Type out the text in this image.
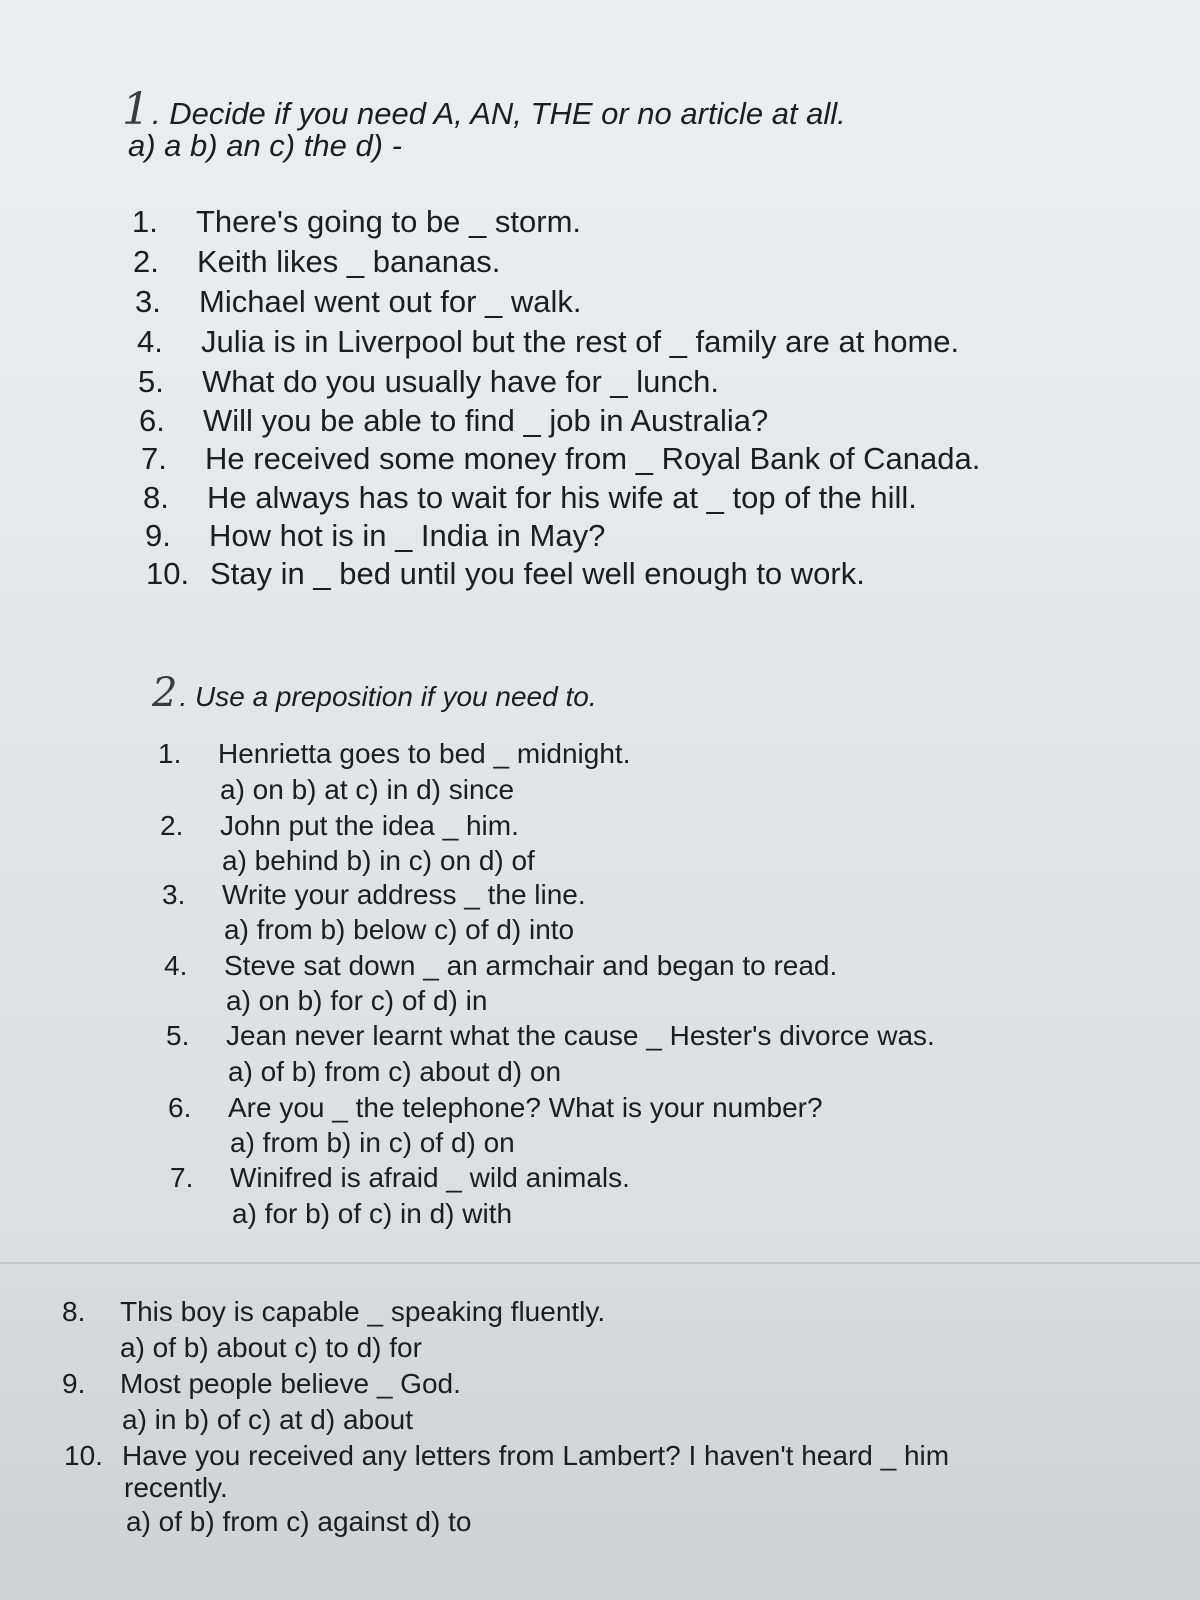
1. Decide if you need A, AN, THE or no article at all.
a) a b) an c) the d) -
1. There's going to be _ storm.
2. Keith likes _ bananas.
3. Michael went out for _ walk.
4. Julia is in Liverpool but the rest of _ family are at home.
5. What do you usually have for _ lunch.
6. Will you be able to find _ job in Australia?
7. He received some money from _ Royal Bank of Canada.
8. He always has to wait for his wife at _ top of the hill.
9. How hot is in _ India in May?
10. Stay in _ bed until you feel well enough to work.
2. Use a preposition if you need to.
1. Henrietta goes to bed _ midnight.
a) on b) at c) in d) since
2. John put the idea _ him.
a) behind b) in c) on d) of
3. Write your address _ the line.
a) from b) below c) of d) into
4. Steve sat down _ an armchair and began to read.
a) on b) for c) of d) in
5. Jean never learnt what the cause _ Hester's divorce was.
a) of b) from c) about d) on
6. Are you _ the telephone? What is your number?
a) from b) in c) of d) on
7. Winifred is afraid _ wild animals.
a) for b) of c) in d) with
8. This boy is capable _ speaking fluently.
a) of b) about c) to d) for
9. Most people believe _ God.
a) in b) of c) at d) about
10. Have you received any letters from Lambert? I haven't heard _ him
recently.
a) of b) from c) against d) to
